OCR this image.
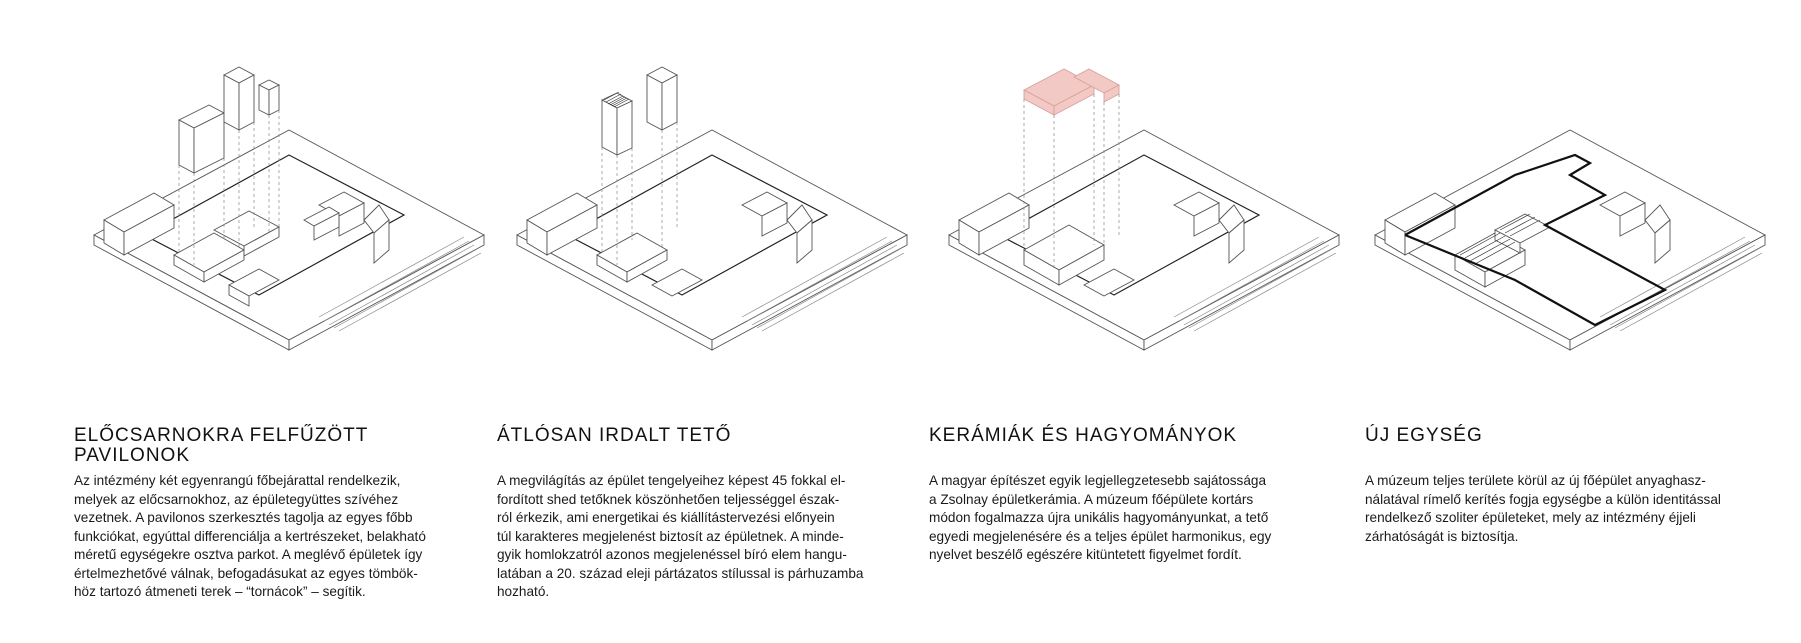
ELŐCSARNOKRA FELFŰZÖTT
PAVILONOK

Az intézmény két egyenrangú főbejárattal rendelkezik,
melyek az előcsarnokhoz, az épületegyüttes szívéhez
vezetnek. A pavilonos szerkesztés tagolja az egyes főbb
funkciókat, egyúttal differenciálja a kertrészeket, belakható
méretű egységekre osztva parkot. A meglévő épületek így
értelmezhetővé válnak, befogadásukat az egyes tömbök-
höz tartozó átmeneti terek – “tornácok” – segítik.

ÁTLÓSAN IRDALT TETŐ

A megvilágítás az épület tengelyeihez képest 45 fokkal el-
fordított shed tetőknek köszönhetően teljességgel észak-
ról érkezik, ami energetikai és kiállítástervezési előnyein
túl karakteres megjelenést biztosít az épületnek. A minde-
gyik homlokzatról azonos megjelenéssel bíró elem hangu-
latában a 20. század eleji pártázatos stílussal is párhuzamba
hozható.

KERÁMIÁK ÉS HAGYOMÁNYOK

A magyar építészet egyik legjellegzetesebb sajátossága
a Zsolnay épületkerámia. A múzeum főépülete kortárs
módon fogalmazza újra unikális hagyományunkat, a tető
egyedi megjelenésére és a teljes épület harmonikus, egy
nyelvet beszélő egészére kitüntetett figyelmet fordít.

ÚJ EGYSÉG

A múzeum teljes területe körül az új főépület anyaghasz-
nálatával rímelő kerítés fogja egységbe a külön identitással
rendelkező szoliter épületeket, mely az intézmény éjjeli
zárhatóságát is biztosítja.
